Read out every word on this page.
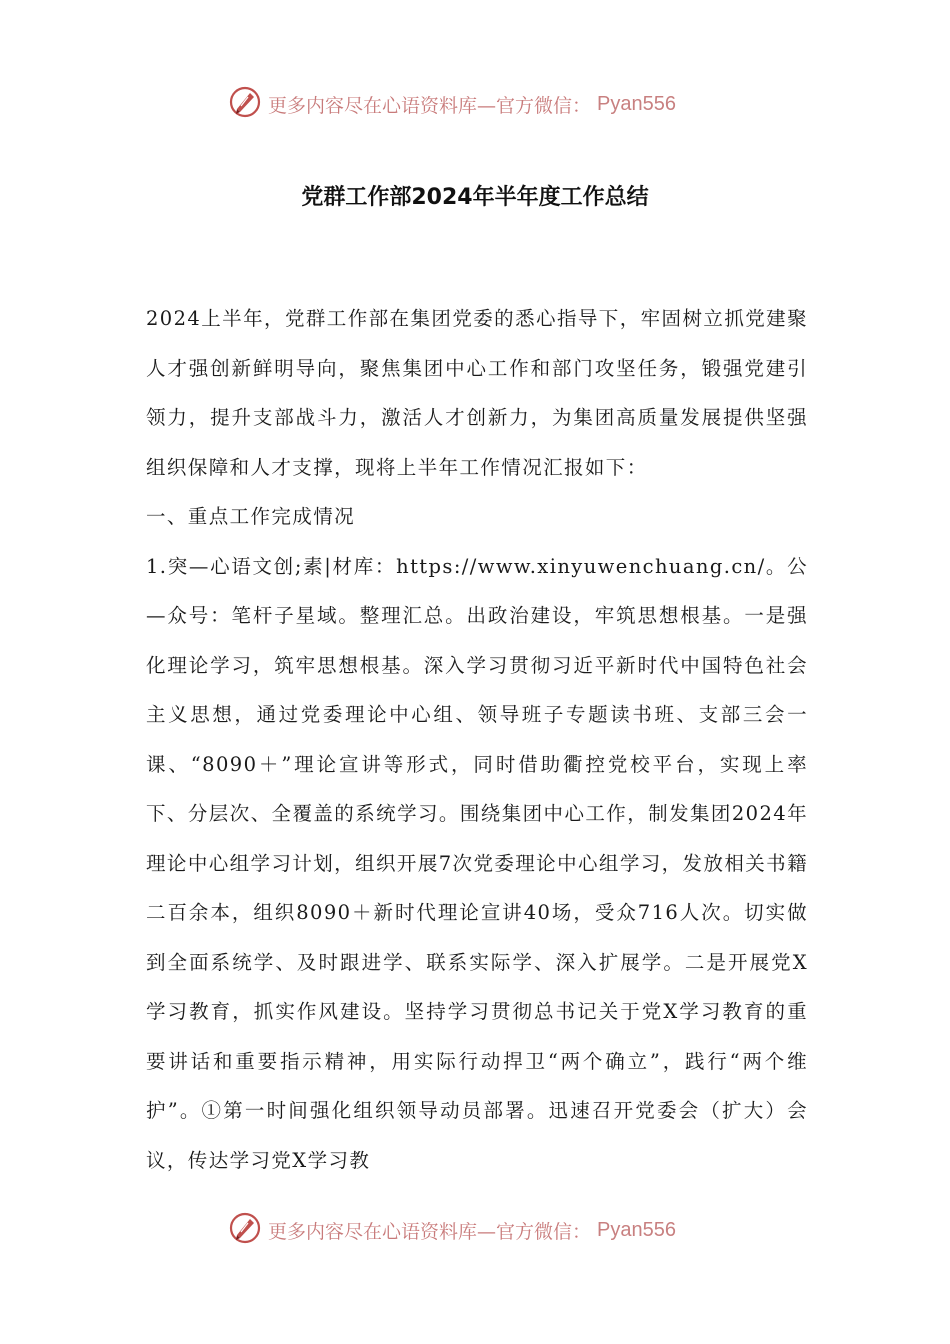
更多内容尽在心语资料库—官方微信： Pyan556
党群工作部2024年半年度工作总结

2024上半年，党群工作部在集团党委的悉心指导下，牢固树立抓党建聚人才强创新鲜明导向，聚焦集团中心工作和部门攻坚任务，锻强党建引领力，提升支部战斗力，激活人才创新力，为集团高质量发展提供坚强组织保障和人才支撑，现将上半年工作情况汇报如下：

一、重点工作完成情况

1.突—心语文创;素|材库：https://www.xinyuwenchuang.cn/。公—众号：笔杆子星域。整理汇总。出政治建设，牢筑思想根基。一是强化理论学习，筑牢思想根基。深入学习贯彻习近平新时代中国特色社会主义思想，通过党委理论中心组、领导班子专题读书班、支部三会一课、“8090＋”理论宣讲等形式，同时借助衢控党校平台，实现上率下、分层次、全覆盖的系统学习。围绕集团中心工作，制发集团2024年理论中心组学习计划，组织开展7次党委理论中心组学习，发放相关书籍二百余本，组织8090＋新时代理论宣讲40场，受众716人次。切实做到全面系统学、及时跟进学、联系实际学、深入扩展学。二是开展党X学习教育，抓实作风建设。坚持学习贯彻总书记关于党X学习教育的重要讲话和重要指示精神，用实际行动捍卫“两个确立”，践行“两个维护”。①第一时间强化组织领导动员部署。迅速召开党委会（扩大）会议，传达学习党X学习教

更多内容尽在心语资料库—官方微信： Pyan556
